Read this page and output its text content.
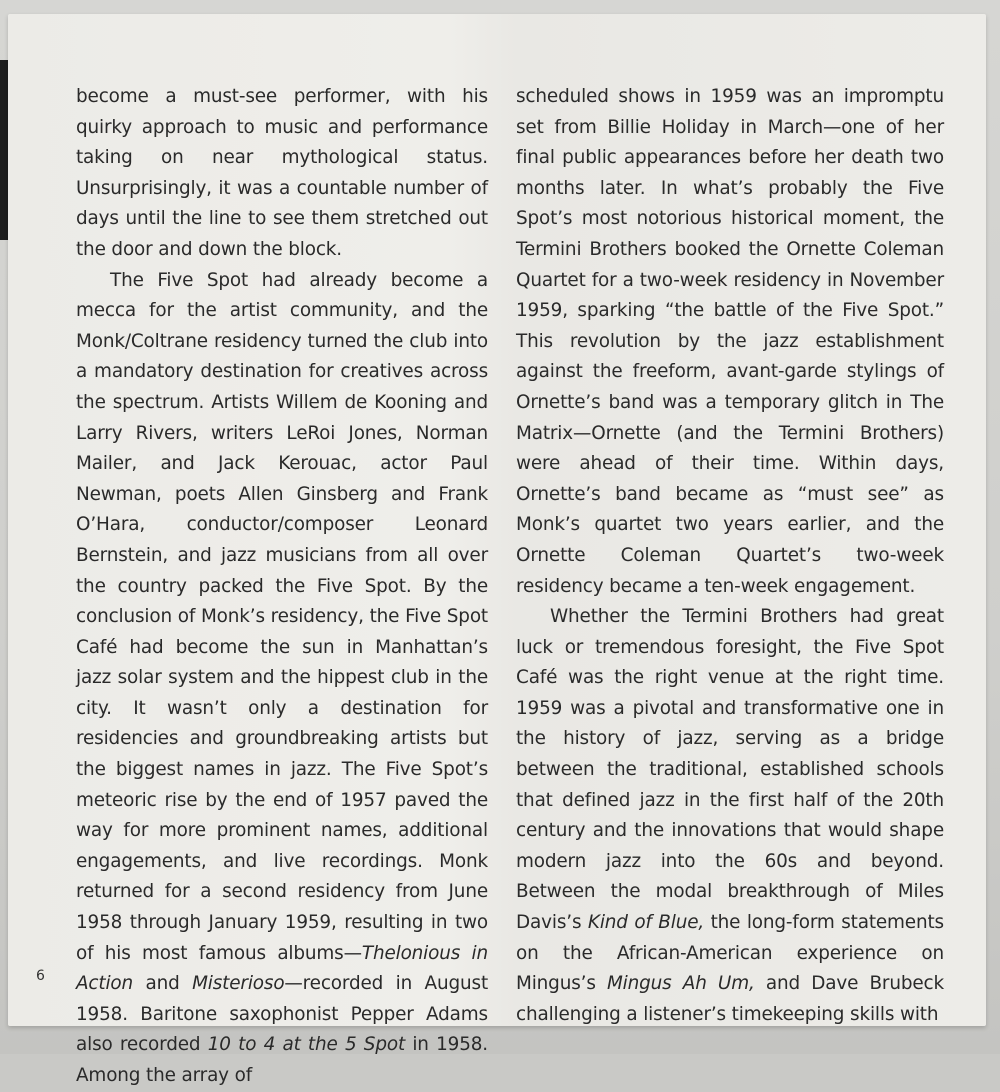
become a must-see performer, with his quirky approach to music and performance taking on near mythological status. Unsurprisingly, it was a countable number of days until the line to see them stretched out the door and down the block.

The Five Spot had already become a mecca for the artist community, and the Monk/Coltrane residency turned the club into a mandatory destination for creatives across the spectrum. Artists Willem de Kooning and Larry Rivers, writers LeRoi Jones, Norman Mailer, and Jack Kerouac, actor Paul Newman, poets Allen Ginsberg and Frank O’Hara, conductor/composer Leonard Bernstein, and jazz musicians from all over the country packed the Five Spot. By the conclusion of Monk’s residency, the Five Spot Café had become the sun in Manhattan’s jazz solar system and the hippest club in the city. It wasn’t only a destination for residencies and groundbreaking artists but the biggest names in jazz. The Five Spot’s meteoric rise by the end of 1957 paved the way for more prominent names, additional engagements, and live recordings. Monk returned for a second residency from June 1958 through January 1959, resulting in two of his most famous albums—Thelonious in Action and Misterioso—recorded in August 1958. Baritone saxophonist Pepper Adams also recorded 10 to 4 at the 5 Spot in 1958. Among the array of

scheduled shows in 1959 was an impromptu set from Billie Holiday in March—one of her final public appearances before her death two months later. In what’s probably the Five Spot’s most notorious historical moment, the Termini Brothers booked the Ornette Coleman Quartet for a two-week residency in November 1959, sparking “the battle of the Five Spot.” This revolution by the jazz establishment against the freeform, avant-garde stylings of Ornette’s band was a temporary glitch in The Matrix—Ornette (and the Termini Brothers) were ahead of their time. Within days, Ornette’s band became as “must see” as Monk’s quartet two years earlier, and the Ornette Coleman Quartet’s two-week residency became a ten-week engagement.

Whether the Termini Brothers had great luck or tremendous foresight, the Five Spot Café was the right venue at the right time. 1959 was a pivotal and transformative one in the history of jazz, serving as a bridge between the traditional, established schools that defined jazz in the first half of the 20th century and the innovations that would shape modern jazz into the 60s and beyond. Between the modal breakthrough of Miles Davis’s Kind of Blue, the long-form statements on the African-American experience on Mingus’s Mingus Ah Um, and Dave Brubeck challenging a listener’s timekeeping skills with

6
